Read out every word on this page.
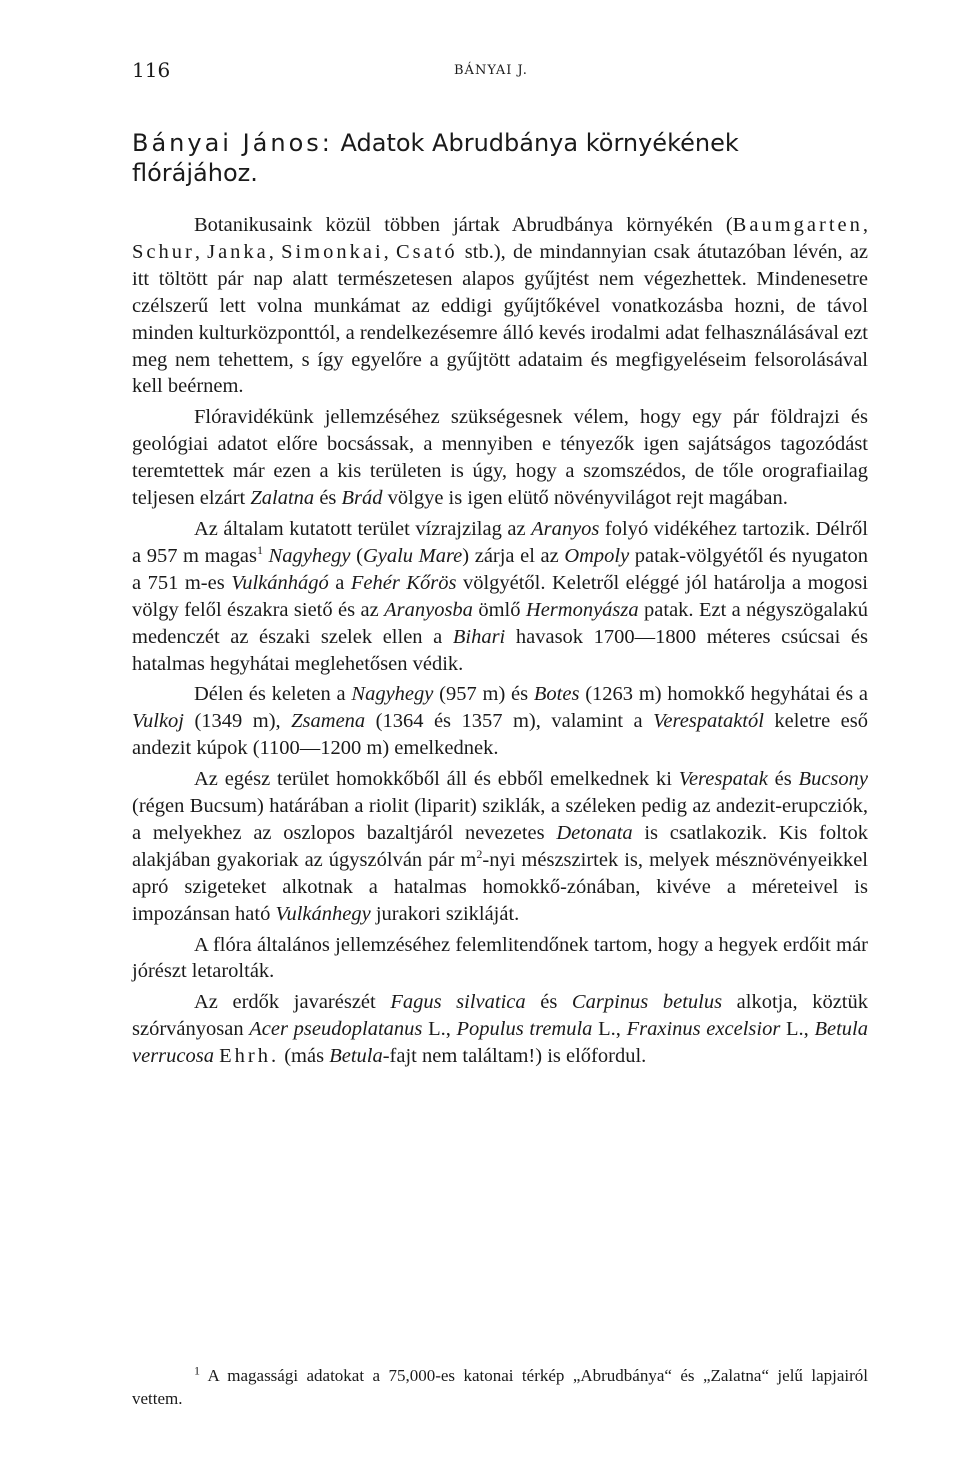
116	BÁNYAI J.
Bányai János: Adatok Abrudbánya környékének flórájához.

Botanikusaink közül többen jártak Abrudbánya környékén (Baumgarten, Schur, Janka, Simonkai, Csató stb.), de mindannyian csak átutazóban lévén, az itt töltött pár nap alatt természetesen alapos gyűjtést nem végezhettek. Mindenesetre czélszerű lett volna munkámat az eddigi gyűjtőkével vonatkozásba hozni, de távol minden kulturközponttól, a rendelkezésemre álló kevés irodalmi adat felhasználásával ezt meg nem tehettem, s így egyelőre a gyűjtött adataim és megfigyeléseim felsorolásával kell beérnem.

Flóravidékünk jellemzéséhez szükségesnek vélem, hogy egy pár földrajzi és geológiai adatot előre bocsássak, a mennyiben e tényezők igen sajátságos tagozódást teremtettek már ezen a kis területen is úgy, hogy a szomszédos, de tőle orografiailag teljesen elzárt Zalatna és Brád völgye is igen elütő növényvilágot rejt magában.

Az általam kutatott terület vízrajzilag az Aranyos folyó vidékéhez tartozik. Délről a 957 m magas$^1$ Nagyhegy (Gyalu Mare) zárja el az Ompoly patak-völgyétől és nyugaton a 751 m-es Vulkánhágó a Fehér Kőrös völgyétől. Keletről eléggé jól határolja a mogosi völgy felől északra siető és az Aranyosba ömlő Hermonyásza patak. Ezt a négyszögalakú medenczét az északi szelek ellen a Bihari havasok 1700—1800 méteres csúcsai és hatalmas hegyhátai meglehetősen védik.

Délen és keleten a Nagyhegy (957 m) és Botes (1263 m) homokkő hegyhátai és a Vulkoj (1349 m), Zsamena (1364 és 1357 m), valamint a Verespataktól keletre eső andezit kúpok (1100—1200 m) emelkednek.

Az egész terület homokkőből áll és ebből emelkednek ki Verespatak és Bucsony (régen Bucsum) határában a riolit (liparit) sziklák, a széleken pedig az andezit-erupcziók, a melyekhez az oszlopos bazaltjáról nevezetes Detonata is csatlakozik. Kis foltok alakjában gyakoriak az úgyszólván pár $m^2$-nyi mészszirtek is, melyek mésznövényeikkel apró szigeteket alkotnak a hatalmas homokkő-zónában, kivéve a méreteivel is impozánsan ható Vulkánhegy jurakori szikláját.

A flóra általános jellemzéséhez felemlitendőnek tartom, hogy a hegyek erdőit már jórészt letarolták.

Az erdők javarészét Fagus silvatica és Carpinus betulus alkotja, köztük szórványosan Acer pseudoplatanus L., Populus tremula L., Fraxinus excelsior L., Betula verrucosa Ehrh. (más Betula-fajt nem találtam!) is előfordul.

$^1$ A magassági adatokat a 75,000-es katonai térkép „Abrudbánya“ és „Zalatna“ jelű lapjairól vettem.
